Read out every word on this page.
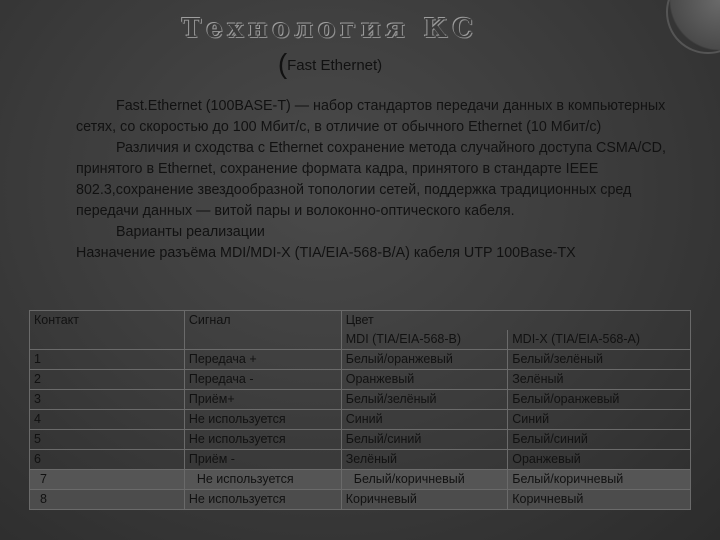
Технология КС
(Fast Ethernet)

Fast.Ethernet (100BASE-T) — набор стандартов передачи данных в компьютерных сетях, со скоростью до 100 Мбит/с, в отличие от обычного Ethernet (10 Мбит/с)

Различия и сходства с Ethernet сохранение метода случайного доступа CSMA/CD, принятого в Ethernet, сохранение формата кадра, принятого в стандарте IEEE 802.3,сохранение звездообразной топологии сетей, поддержка традиционных сред передачи данных — витой пары и волоконно-оптического кабеля.

Варианты реализации

Назначение разъёма MDI/MDI-X (TIA/EIA-568-B/A) кабеля UTP 100Base-TX

Контакт	Сигнал	Цвет	
		MDI (TIA/EIA-568-B)	MDI-X (TIA/EIA-568-A)
1	Передача +	Белый/оранжевый	Белый/зелёный
2	Передача -	Оранжевый	Зелёный
3	Приём+	Белый/зелёный	Белый/оранжевый
4	Не используется	Синий	Синий
5	Не используется	Белый/синий	Белый/синий
6	Приём -	Зелёный	Оранжевый
7	Не используется	Белый/коричневый	Белый/коричневый
8	Не используется	Коричневый	Коричневый
